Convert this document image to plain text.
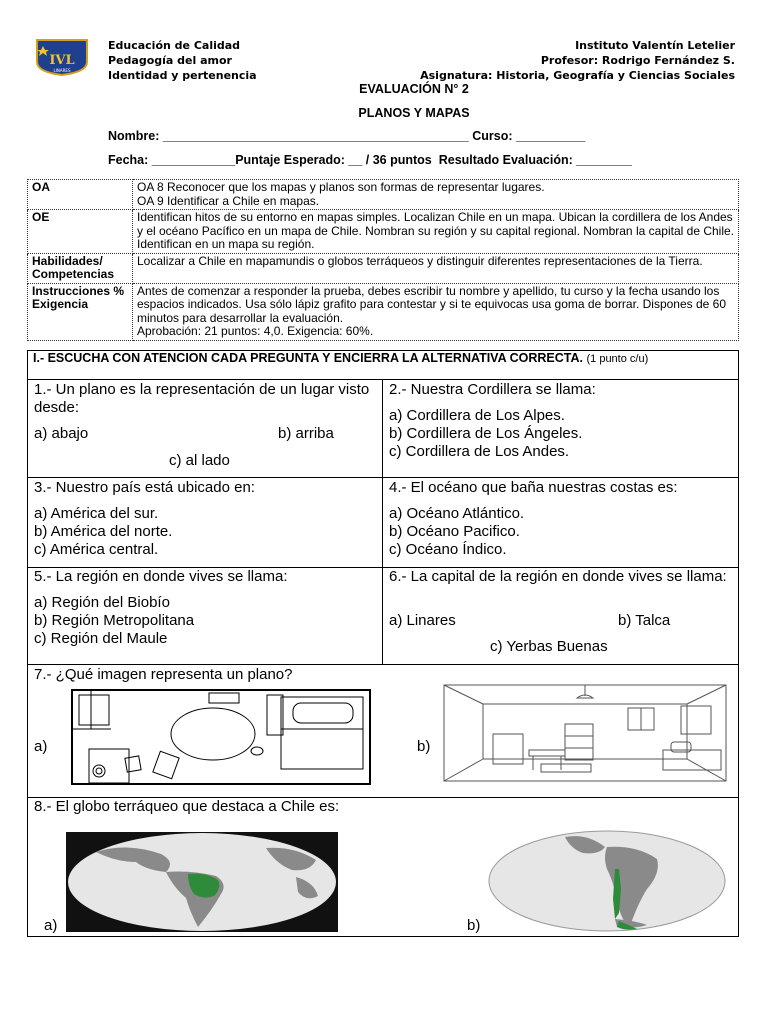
IVL
LINARES
Educación de Calidad
Pedagogía del amor
Identidad y pertenencia
Instituto Valentín Letelier
Profesor: Rodrigo Fernández S.
Asignatura: Historia, Geografía y Ciencias Sociales
EVALUACIÓN N° 2
PLANOS Y MAPAS
Nombre: ____________________________________________ Curso: __________
Fecha: ____________Puntaje Esperado: __ / 36 puntos Resultado Evaluación: ________
OA	OA 8 Reconocer que los mapas y planos son formas de representar lugares.
OA 9 Identificar a Chile en mapas.

OE	Identifican hitos de su entorno en mapas simples. Localizan Chile en un mapa. Ubican la cordillera de los Andes y el océano Pacífico en un mapa de Chile. Nombran su región y su capital regional. Nombran la capital de Chile. Identifican en un mapa su región.

Habilidades/ Competencias	Localizar a Chile en mapamundis o globos terráqueos y distinguir diferentes representaciones de la Tierra.

Instrucciones % Exigencia	Antes de comenzar a responder la prueba, debes escribir tu nombre y apellido, tu curso y la fecha usando los espacios indicados. Usa sólo lápiz grafito para contestar y si te equivocas usa goma de borrar. Dispones de 60 minutos para desarrollar la evaluación.
Aprobación: 21 puntos: 4,0. Exigencia: 60%.
I.- ESCUCHA CON ATENCION CADA PREGUNTA Y ENCIERRA LA ALTERNATIVA CORRECTA. (1 punto c/u)
1.- Un plano es la representación de un lugar visto desde:
a) abajo	b) arriba
c) al lado
2.- Nuestra Cordillera se llama:
a) Cordillera de Los Alpes.
b) Cordillera de Los Ángeles.
c) Cordillera de Los Andes.
3.- Nuestro país está ubicado en:
a) América del sur.
b) América del norte.
c) América central.
4.- El océano que baña nuestras costas es:
a) Océano Atlántico.
b) Océano Pacifico.
c) Océano Índico.
5.- La región en donde vives se llama:
a) Región del Biobío
b) Región Metropolitana
c) Región del Maule
6.- La capital de la región en donde vives se llama:
a) Linares	b) Talca
c) Yerbas Buenas
7.- ¿Qué imagen representa un plano?
a)	b)
8.- El globo terráqueo que destaca a Chile es:
a)	b)
